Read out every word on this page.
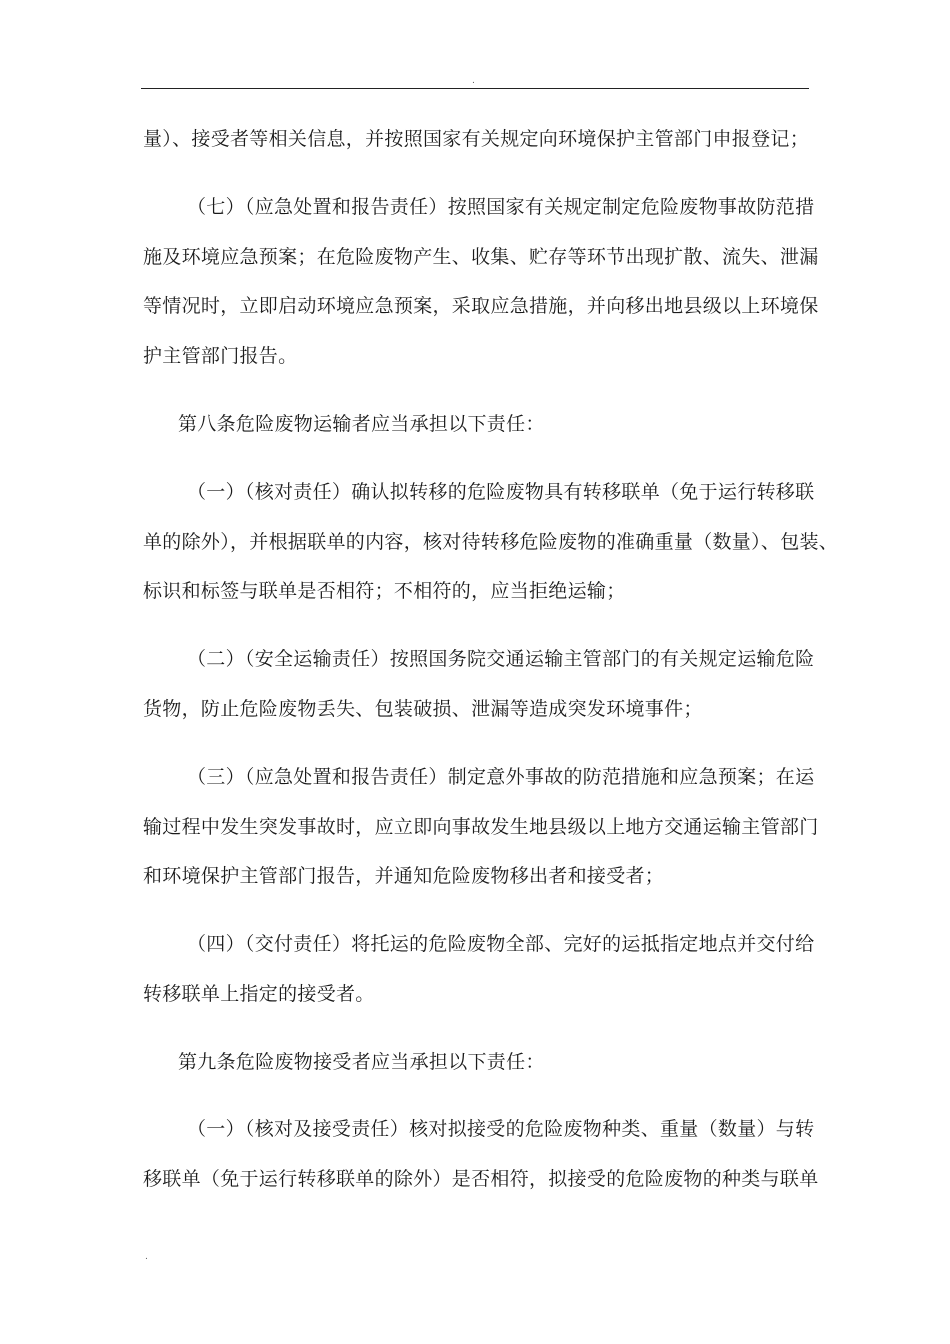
.
量）、接受者等相关信息，并按照国家有关规定向环境保护主管部门申报登记；
（七）（应急处置和报告责任）按照国家有关规定制定危险废物事故防范措
施及环境应急预案；在危险废物产生、收集、贮存等环节出现扩散、流失、泄漏
等情况时，立即启动环境应急预案，采取应急措施，并向移出地县级以上环境保
护主管部门报告。
第八条危险废物运输者应当承担以下责任：
（一）（核对责任）确认拟转移的危险废物具有转移联单（免于运行转移联
单的除外），并根据联单的内容，核对待转移危险废物的准确重量（数量）、包装、
标识和标签与联单是否相符；不相符的，应当拒绝运输；
（二）（安全运输责任）按照国务院交通运输主管部门的有关规定运输危险
货物，防止危险废物丢失、包装破损、泄漏等造成突发环境事件；
（三）（应急处置和报告责任）制定意外事故的防范措施和应急预案；在运
输过程中发生突发事故时，应立即向事故发生地县级以上地方交通运输主管部门
和环境保护主管部门报告，并通知危险废物移出者和接受者；
（四）（交付责任）将托运的危险废物全部、完好的运抵指定地点并交付给
转移联单上指定的接受者。
第九条危险废物接受者应当承担以下责任：
（一）（核对及接受责任）核对拟接受的危险废物种类、重量（数量）与转
移联单（免于运行转移联单的除外）是否相符，拟接受的危险废物的种类与联单
.
